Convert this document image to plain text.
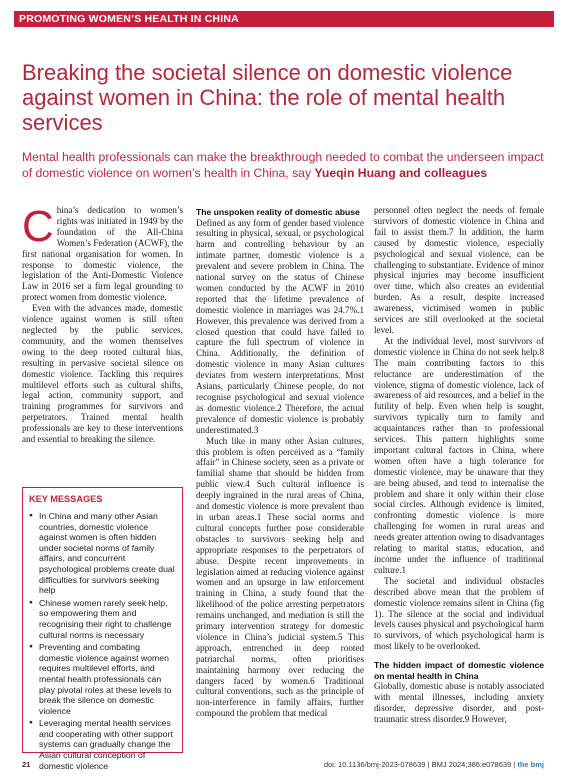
PROMOTING WOMEN’S HEALTH IN CHINA
Breaking the societal silence on domestic violence against women in China: the role of mental health services

Mental health professionals can make the breakthrough needed to combat the underseen impact of domestic violence on women’s health in China, say Yueqin Huang and colleagues

China’s dedication to women’s rights was initiated in 1949 by the foundation of the All-China Women’s Federation (ACWF), the first national organisation for women. In response to domestic violence, the legislation of the Anti-Domestic Violence Law in 2016 set a firm legal grounding to protect women from domestic violence.

Even with the advances made, domestic violence against women is still often neglected by the public services, community, and the women themselves owing to the deep rooted cultural bias, resulting in pervasive societal silence on domestic violence. Tackling this requires multilevel efforts such as cultural shifts, legal action, community support, and training programmes for survivors and perpetrators. Trained mental health professionals are key to these interventions and essential to breaking the silence.

KEY MESSAGES
● In China and many other Asian countries, domestic violence against women is often hidden under societal norms of family affairs, and concurrent psychological problems create dual difficulties for survivors seeking help
● Chinese women rarely seek help, so empowering them and recognising their right to challenge cultural norms is necessary
● Preventing and combating domestic violence against women requires multilevel efforts, and mental health professionals can play pivotal roles at these levels to break the silence on domestic violence
● Leveraging mental health services and cooperating with other support systems can gradually change the Asian cultural conception of domestic violence
The unspoken reality of domestic abuse

Defined as any form of gender based violence resulting in physical, sexual, or psychological harm and controlling behaviour by an intimate partner, domestic violence is a prevalent and severe problem in China. The national survey on the status of Chinese women conducted by the ACWF in 2010 reported that the lifetime prevalence of domestic violence in marriages was 24.7%.1 However, this prevalence was derived from a closed question that could have failed to capture the full spectrum of violence in China. Additionally, the definition of domestic violence in many Asian cultures deviates from western interpretations. Most Asians, particularly Chinese people, do not recognise psychological and sexual violence as domestic violence.2 Therefore, the actual prevalence of domestic violence is probably underestimated.3

Much like in many other Asian cultures, this problem is often perceived as a “family affair” in Chinese society, seen as a private or familial shame that should be hidden from public view.4 Such cultural influence is deeply ingrained in the rural areas of China, and domestic violence is more prevalent than in urban areas.1 These social norms and cultural concepts further pose considerable obstacles to survivors seeking help and appropriate responses to the perpetrators of abuse. Despite recent improvements in legislation aimed at reducing violence against women and an upsurge in law enforcement training in China, a study found that the likelihood of the police arresting perpetrators remains unchanged, and mediation is still the primary intervention strategy for domestic violence in China’s judicial system.5 This approach, entrenched in deep rooted patriarchal norms, often prioritises maintaining harmony over reducing the dangers faced by women.6 Traditional cultural conventions, such as the principle of non-interference in family affairs, further compound the problem that medical

personnel often neglect the needs of female survivors of domestic violence in China and fail to assist them.7 In addition, the harm caused by domestic violence, especially psychological and sexual violence, can be challenging to substantiate. Evidence of minor physical injuries may become insufficient over time, which also creates an evidential burden. As a result, despite increased awareness, victimised women in public services are still overlooked at the societal level.

At the individual level, most survivors of domestic violence in China do not seek help.8 The main contributing factors to this reluctance are underestimation of the violence, stigma of domestic violence, lack of awareness of aid resources, and a belief in the futility of help. Even when help is sought, survivors typically turn to family and acquaintances rather than to professional services. This pattern highlights some important cultural factors in China, where women often have a high tolerance for domestic violence, may be unaware that they are being abused, and tend to internalise the problem and share it only within their close social circles. Although evidence is limited, confronting domestic violence is more challenging for women in rural areas and needs greater attention owing to disadvantages relating to marital status, education, and income under the influence of traditional culture.1

The societal and individual obstacles described above mean that the problem of domestic violence remains silent in China (fig 1). The silence at the social and individual levels causes physical and psychological harm to survivors, of which psychological harm is most likely to be overlooked.

The hidden impact of domestic violence on mental health in China

Globally, domestic abuse is notably associated with mental illnesses, including anxiety disorder, depressive disorder, and post-traumatic stress disorder.9 However,

21	doi: 10.1136/bmj-2023-078639 | BMJ 2024;386:e078639 | the bmj
